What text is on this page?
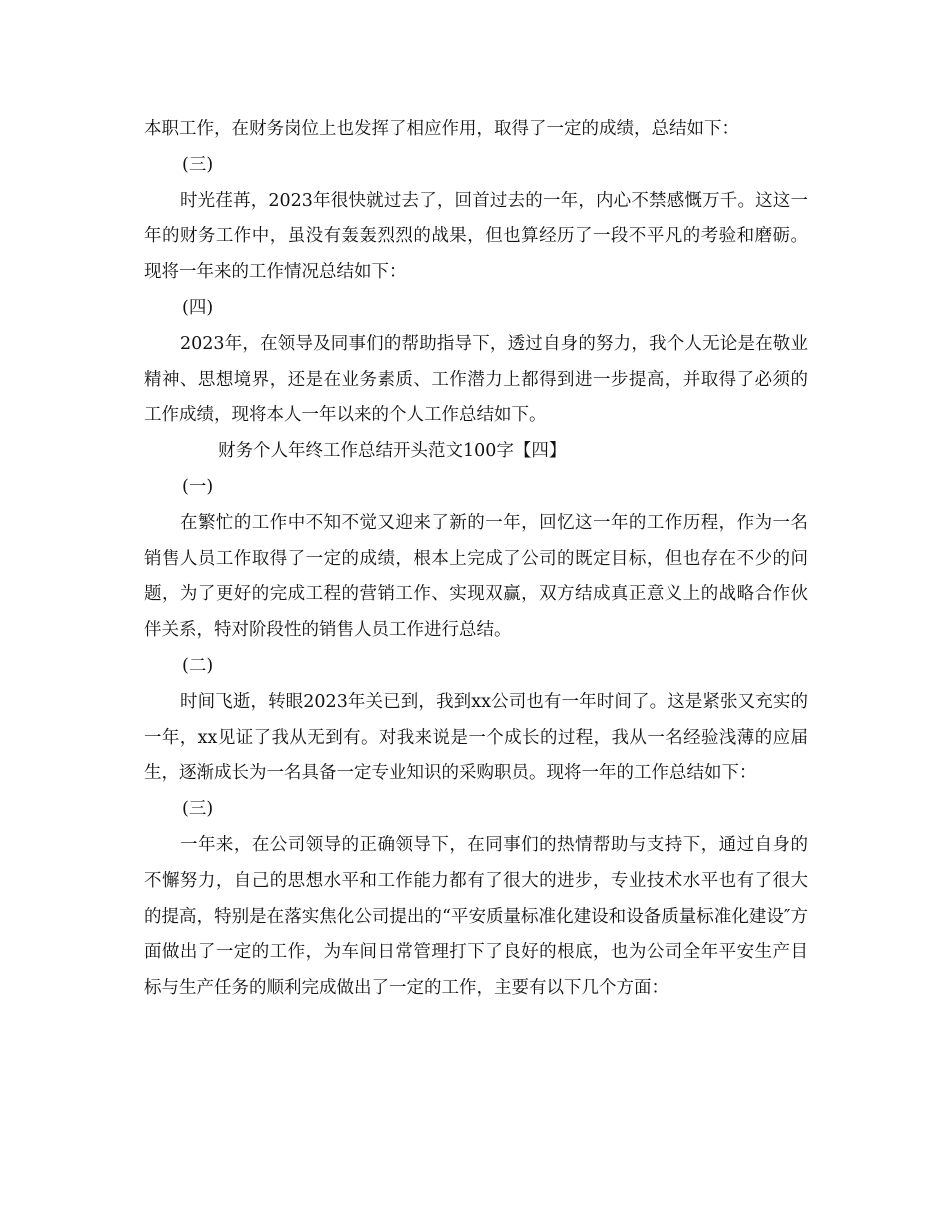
本职工作，在财务岗位上也发挥了相应作用，取得了一定的成绩，总结如下：

(三)

时光荏苒，2023年很快就过去了，回首过去的一年，内心不禁感慨万千。这这一年的财务工作中，虽没有轰轰烈烈的战果，但也算经历了一段不平凡的考验和磨砺。现将一年来的工作情况总结如下：

(四)

2023年，在领导及同事们的帮助指导下，透过自身的努力，我个人无论是在敬业精神、思想境界，还是在业务素质、工作潜力上都得到进一步提高，并取得了必须的工作成绩，现将本人一年以来的个人工作总结如下。

财务个人年终工作总结开头范文100字【四】

(一)

在繁忙的工作中不知不觉又迎来了新的一年，回忆这一年的工作历程，作为一名销售人员工作取得了一定的成绩，根本上完成了公司的既定目标，但也存在不少的问题，为了更好的完成工程的营销工作、实现双赢，双方结成真正意义上的战略合作伙伴关系，特对阶段性的销售人员工作进行总结。

(二)

时间飞逝，转眼2023年关已到，我到xx公司也有一年时间了。这是紧张又充实的一年，xx见证了我从无到有。对我来说是一个成长的过程，我从一名经验浅薄的应届生，逐渐成长为一名具备一定专业知识的采购职员。现将一年的工作总结如下：

(三)

一年来，在公司领导的正确领导下，在同事们的热情帮助与支持下，通过自身的不懈努力，自己的思想水平和工作能力都有了很大的进步，专业技术水平也有了很大的提高，特别是在落实焦化公司提出的“平安质量标准化建设和设备质量标准化建设″方面做出了一定的工作，为车间日常管理打下了良好的根底，也为公司全年平安生产目标与生产任务的顺利完成做出了一定的工作，主要有以下几个方面：
